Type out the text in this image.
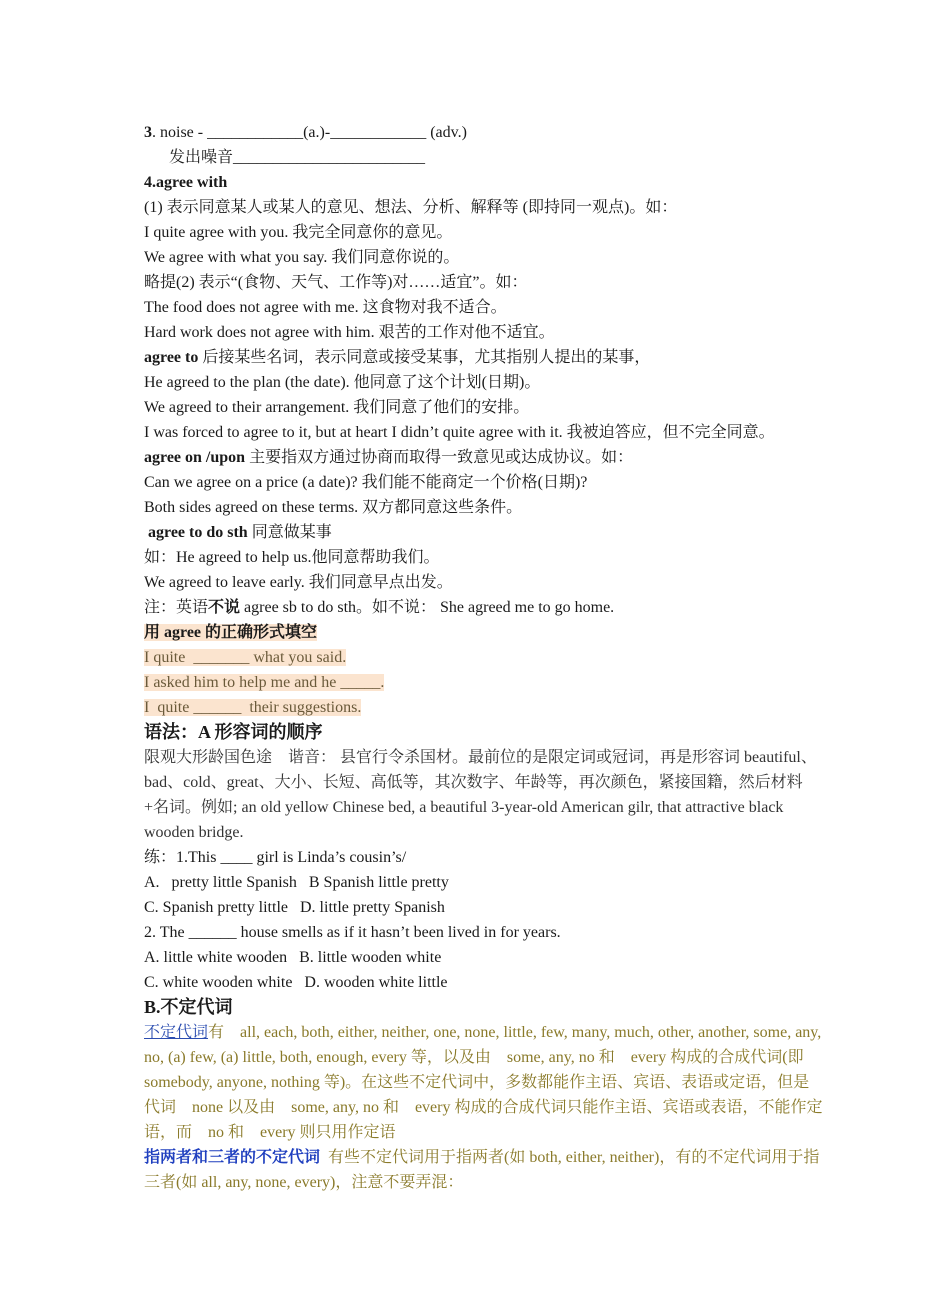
3. noise - ____________(a.)-____________ (adv.)
发出噪音________________________
4.agree with
(1) 表示同意某人或某人的意见、想法、分析、解释等 (即持同一观点)。如：
I quite agree with you. 我完全同意你的意见。
We agree with what you say. 我们同意你说的。
略提(2) 表示“(食物、天气、工作等)对……适宜”。如：
The food does not agree with me. 这食物对我不适合。
Hard work does not agree with him. 艰苦的工作对他不适宜。
agree to 后接某些名词，表示同意或接受某事，尤其指别人提出的某事，
He agreed to the plan (the date). 他同意了这个计划(日期)。
We agreed to their arrangement. 我们同意了他们的安排。
I was forced to agree to it, but at heart I didn’t quite agree with it. 我被迫答应，但不完全同意。
agree on /upon 主要指双方通过协商而取得一致意见或达成协议。如：
Can we agree on a price (a date)? 我们能不能商定一个价格(日期)?
Both sides agreed on these terms. 双方都同意这些条件。
agree to do sth 同意做某事
如：He agreed to help us.他同意帮助我们。
We agreed to leave early. 我们同意早点出发。
注：英语不说 agree sb to do sth。如不说： She agreed me to go home.
用 agree 的正确形式填空
I quite  _______ what you said.
I asked him to help me and he _____.
I  quite ______  their suggestions.
语法：A 形容词的顺序
限观大形龄国色途    谐音： 县官行令杀国材。最前位的是限定词或冠词，再是形容词 beautiful、bad、cold、great、大小、长短、高低等，其次数字、年龄等，再次颜色，紧接国籍，然后材料+名词。例如; an old yellow Chinese bed, a beautiful 3-year-old American gilr, that attractive black wooden bridge.
练：1.This ____ girl is Linda’s cousin’s/
A.   pretty little Spanish   B Spanish little pretty
C. Spanish pretty little   D. little pretty Spanish
2. The ______ house smells as if it hasn’t been lived in for years.
A. little white wooden   B. little wooden white
C. white wooden white   D. wooden white little
B.不定代词
不定代词有    all, each, both, either, neither, one, none, little, few, many, much, other, another, some, any, no, (a) few, (a) little, both, enough, every 等，以及由    some, any, no 和    every 构成的合成代词(即 somebody, anyone, nothing 等)。在这些不定代词中，多数都能作主语、宾语、表语或定语，但是代词    none 以及由    some, any, no 和    every 构成的合成代词只能作主语、宾语或表语，不能作定语，而    no 和    every 则只用作定语
指两者和三者的不定代词  有些不定代词用于指两者(如 both, either, neither)，有的不定代词用于指三者(如 all, any, none, every)，注意不要弄混：
